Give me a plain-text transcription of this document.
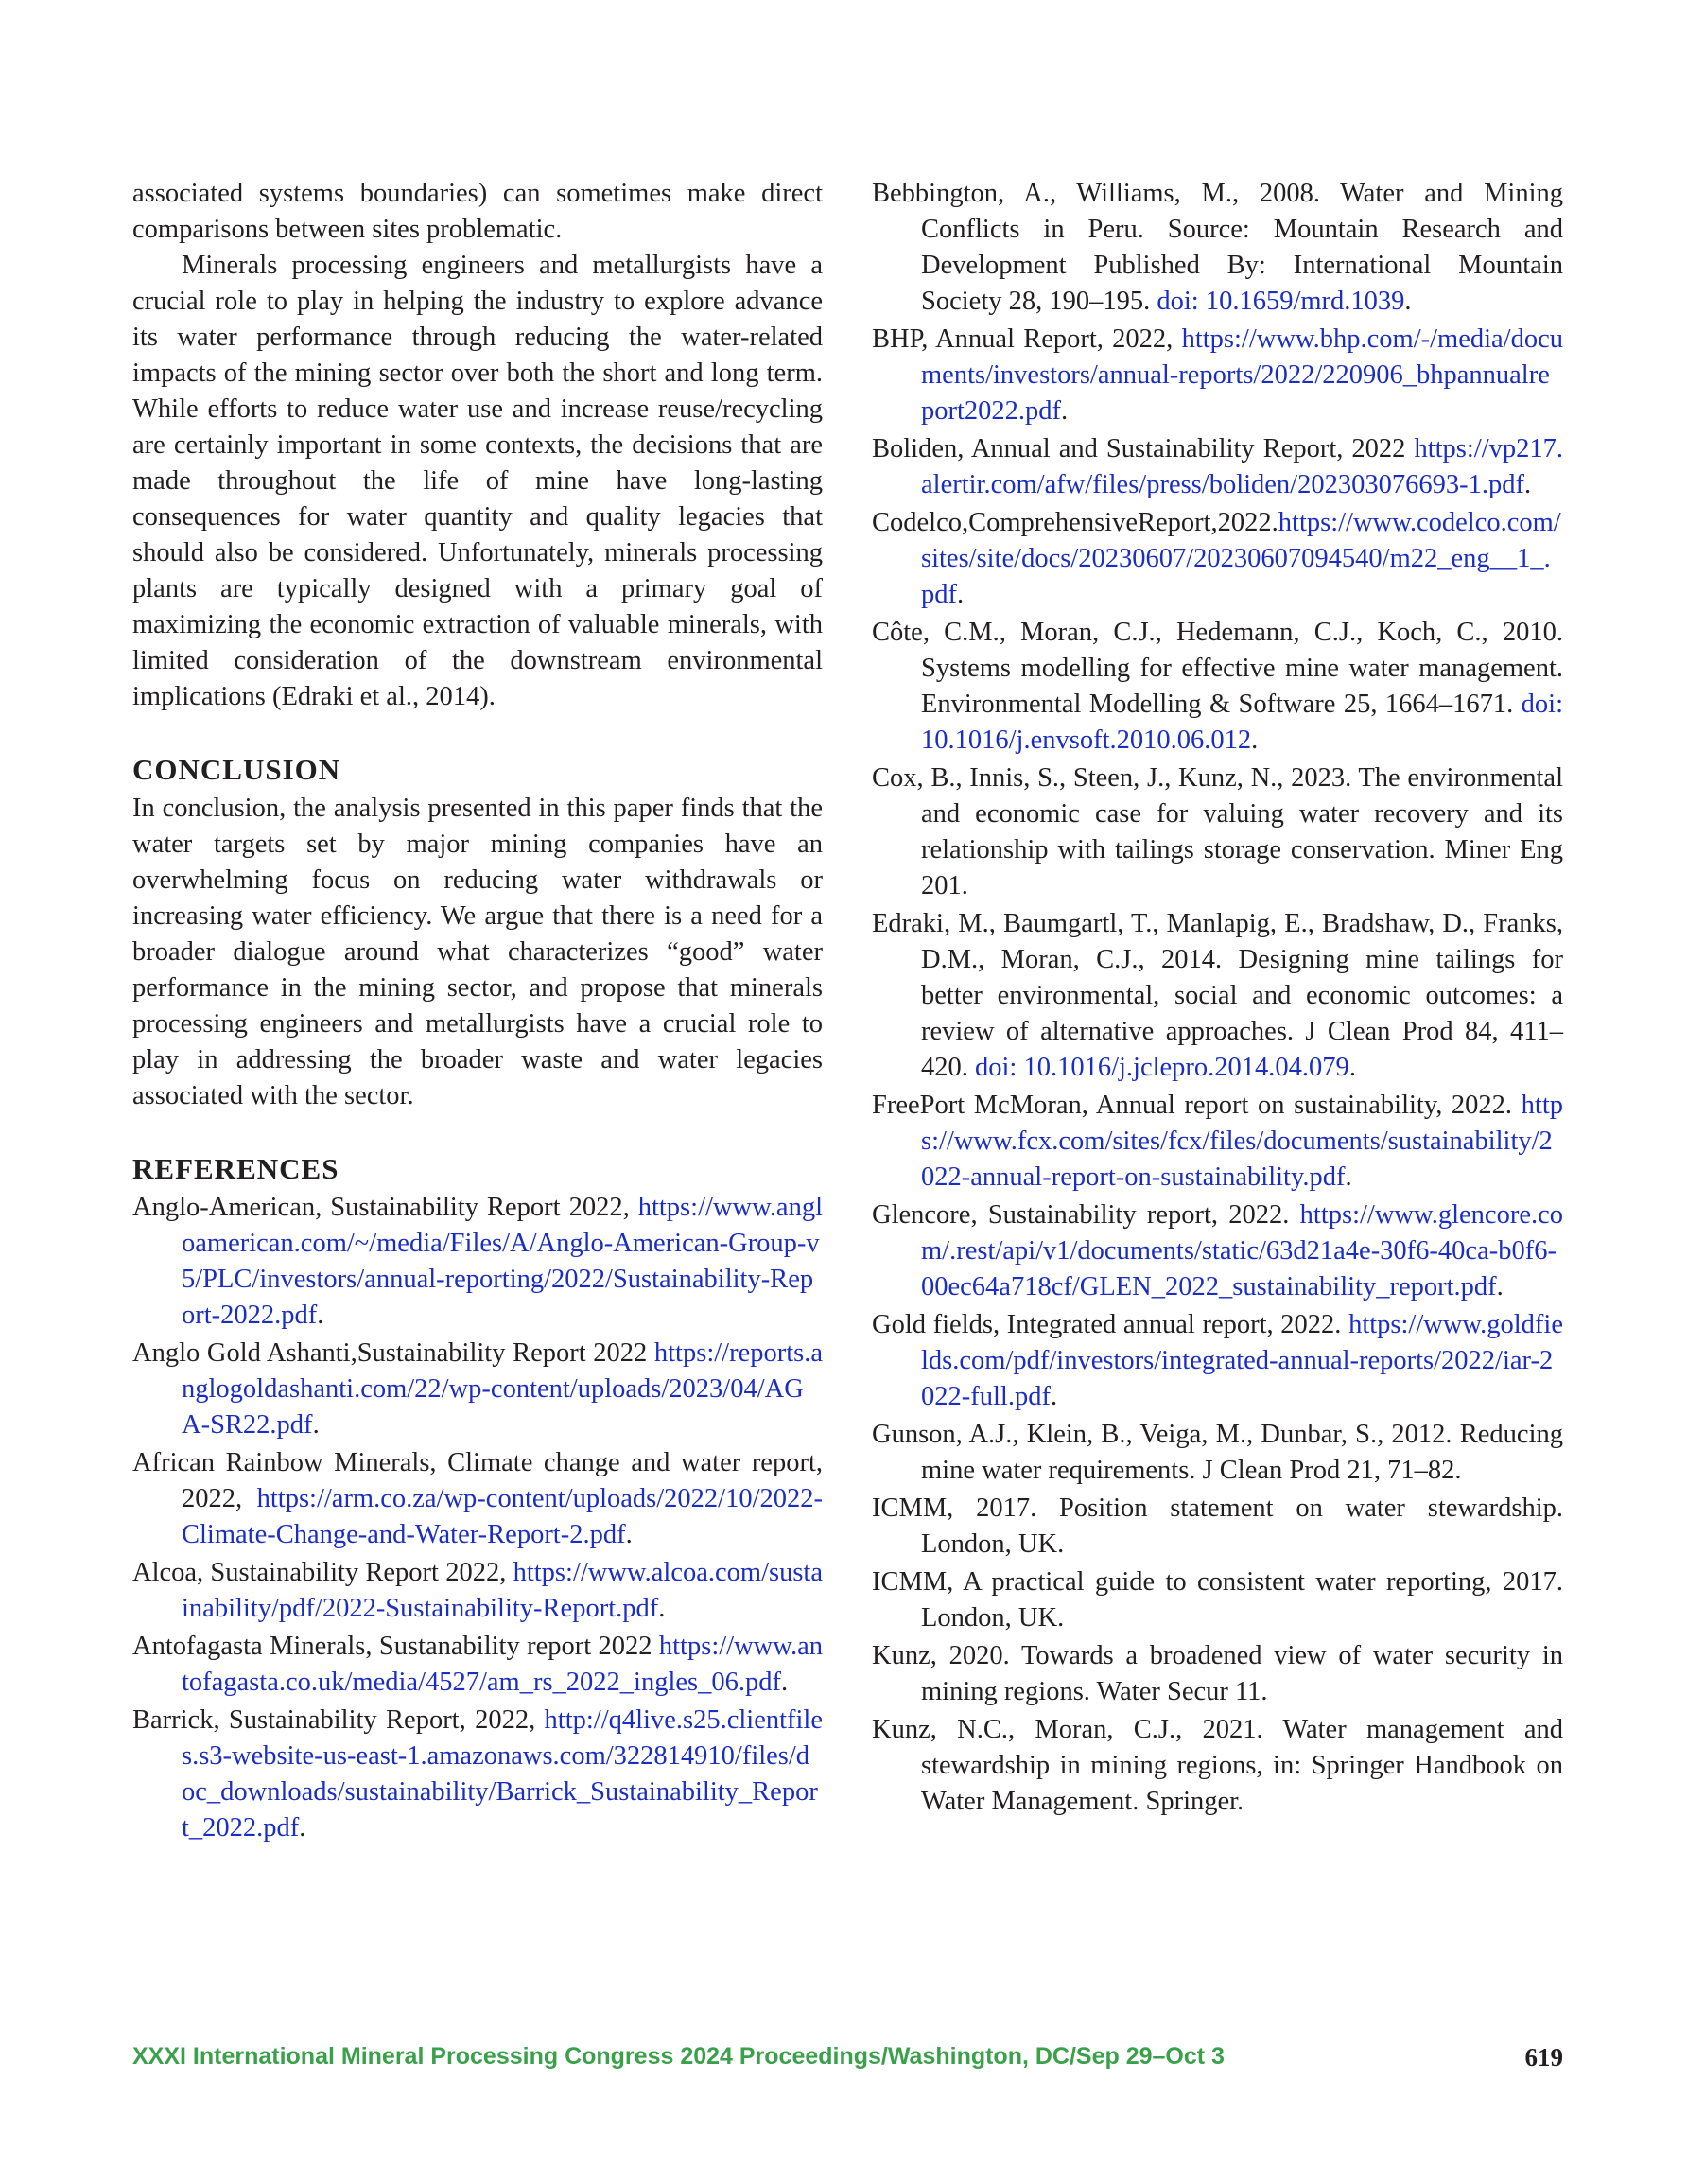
associated systems boundaries) can sometimes make direct comparisons between sites problematic.

Minerals processing engineers and metallurgists have a crucial role to play in helping the industry to explore advance its water performance through reducing the water-related impacts of the mining sector over both the short and long term. While efforts to reduce water use and increase reuse/recycling are certainly important in some contexts, the decisions that are made throughout the life of mine have long-lasting consequences for water quantity and quality legacies that should also be considered. Unfortunately, minerals processing plants are typically designed with a primary goal of maximizing the economic extraction of valuable minerals, with limited consideration of the downstream environmental implications (Edraki et al., 2014).

CONCLUSION

In conclusion, the analysis presented in this paper finds that the water targets set by major mining companies have an overwhelming focus on reducing water withdrawals or increasing water efficiency. We argue that there is a need for a broader dialogue around what characterizes “good” water performance in the mining sector, and propose that minerals processing engineers and metallurgists have a crucial role to play in addressing the broader waste and water legacies associated with the sector.

REFERENCES
Anglo-American, Sustainability Report 2022, https://www.angloamerican.com/~/media/Files/A/Anglo-American-Group-v5/PLC/investors/annual-reporting/2022/Sustainability-Report-2022.pdf.
Anglo Gold Ashanti,Sustainability Report 2022 https://reports.anglogoldashanti.com/22/wp-content/uploads/2023/04/AGA-SR22.pdf.
African Rainbow Minerals, Climate change and water report, 2022, https://arm.co.za/wp-content/uploads/2022/10/2022-Climate-Change-and-Water-Report-2.pdf.
Alcoa, Sustainability Report 2022, https://www.alcoa.com/sustainability/pdf/2022-Sustainability-Report.pdf.
Antofagasta Minerals, Sustanability report 2022 https://www.antofagasta.co.uk/media/4527/am_rs_2022_ingles_06.pdf.
Barrick, Sustainability Report, 2022, http://q4live.s25.clientfiles.s3-website-us-east-1.amazonaws.com/322814910/files/doc_downloads/sustainability/Barrick_Sustainability_Report_2022.pdf.
Bebbington, A., Williams, M., 2008. Water and Mining Conflicts in Peru. Source: Mountain Research and Development Published By: International Mountain Society 28, 190–195. doi: 10.1659/mrd.1039.
BHP, Annual Report, 2022, https://www.bhp.com/-/media/documents/investors/annual-reports/2022/220906_bhpannualreport2022.pdf.
Boliden, Annual and Sustainability Report, 2022 https://vp217.alertir.com/afw/files/press/boliden/202303076693-1.pdf.
Codelco,ComprehensiveReport,2022.https://www.codelco.com/sites/site/docs/20230607/20230607094540/m22_eng__1_.pdf.
Côte, C.M., Moran, C.J., Hedemann, C.J., Koch, C., 2010. Systems modelling for effective mine water management. Environmental Modelling & Software 25, 1664–1671. doi: 10.1016/j.envsoft.2010.06.012.
Cox, B., Innis, S., Steen, J., Kunz, N., 2023. The environmental and economic case for valuing water recovery and its relationship with tailings storage conservation. Miner Eng 201.
Edraki, M., Baumgartl, T., Manlapig, E., Bradshaw, D., Franks, D.M., Moran, C.J., 2014. Designing mine tailings for better environmental, social and economic outcomes: a review of alternative approaches. J Clean Prod 84, 411–420. doi: 10.1016/j.jclepro.2014.04.079.
FreePort McMoran, Annual report on sustainability, 2022. https://www.fcx.com/sites/fcx/files/documents/sustainability/2022-annual-report-on-sustainability.pdf.
Glencore, Sustainability report, 2022. https://www.glencore.com/.rest/api/v1/documents/static/63d21a4e-30f6-40ca-b0f6-00ec64a718cf/GLEN_2022_sustainability_report.pdf.
Gold fields, Integrated annual report, 2022. https://www.goldfields.com/pdf/investors/integrated-annual-reports/2022/iar-2022-full.pdf.
Gunson, A.J., Klein, B., Veiga, M., Dunbar, S., 2012. Reducing mine water requirements. J Clean Prod 21, 71–82.
ICMM, 2017. Position statement on water stewardship. London, UK.
ICMM, A practical guide to consistent water reporting, 2017. London, UK.
Kunz, 2020. Towards a broadened view of water security in mining regions. Water Secur 11.
Kunz, N.C., Moran, C.J., 2021. Water management and stewardship in mining regions, in: Springer Handbook on Water Management. Springer.
XXXI International Mineral Processing Congress 2024 Proceedings/Washington, DC/Sep 29–Oct 3	619
